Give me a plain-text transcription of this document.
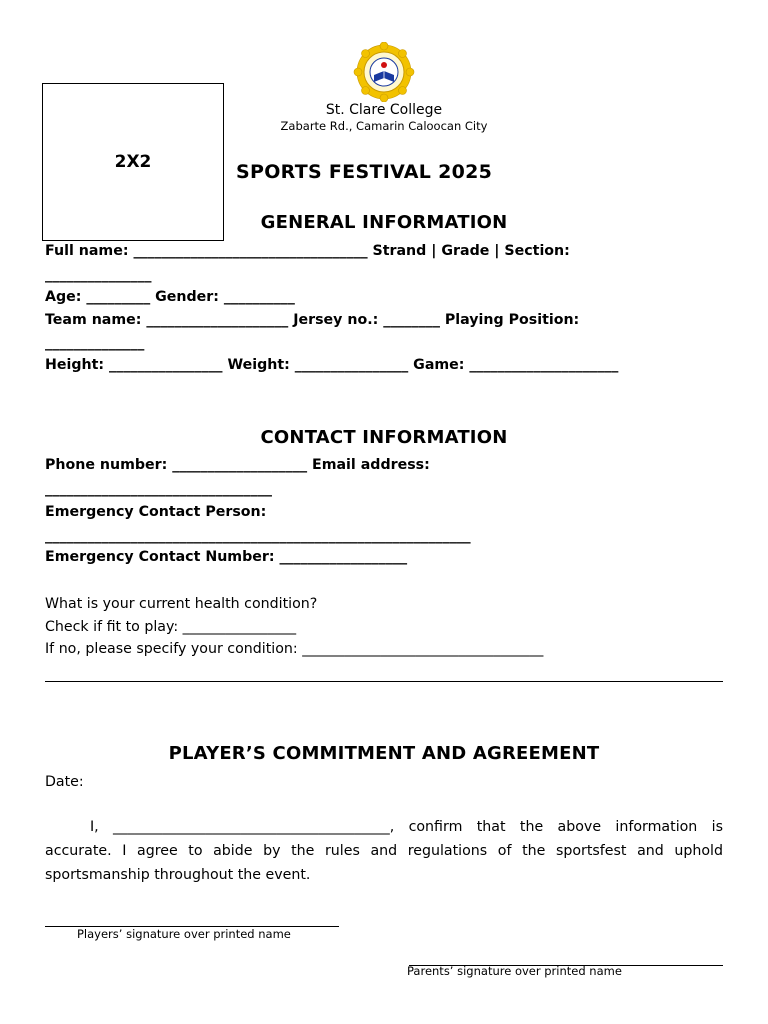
2X2
St. Clare College
Zabarte Rd., Camarin Caloocan City
SPORTS FESTIVAL 2025
GENERAL INFORMATION
Full name: _________________________________ Strand | Grade | Section:
_______________
Age: _________ Gender: __________
Team name: ____________________ Jersey no.: ________ Playing Position:
______________
Height: ________________ Weight: ________________ Game: _____________________
CONTACT INFORMATION
Phone number: ___________________ Email address:
________________________________
Emergency Contact Person:
____________________________________________________________
Emergency Contact Number: __________________
What is your current health condition?
Check if fit to play: ________________
If no, please specify your condition: __________________________________
PLAYER’S COMMITMENT AND AGREEMENT
Date:
I, _______________________________________, confirm that the above information is
accurate. I agree to abide by the rules and regulations of the sportsfest and uphold sportsmanship throughout the event.
Players’ signature over printed name
Parents’ signature over printed name
